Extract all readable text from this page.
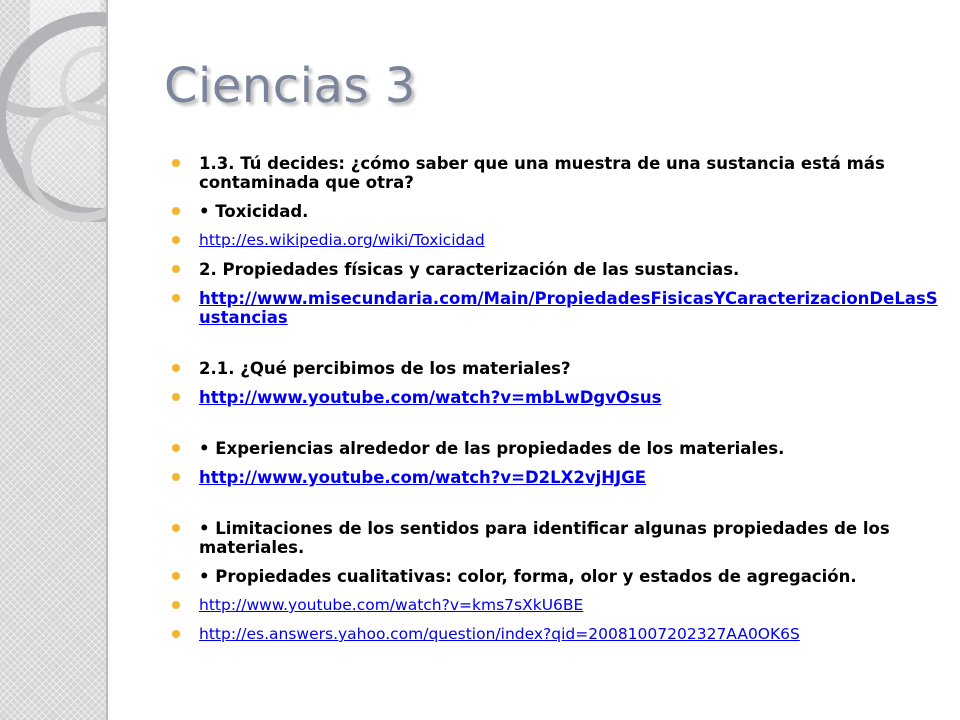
Ciencias 3
1.3. Tú decides: ¿cómo saber que una muestra de una sustancia está más contaminada que otra?
• Toxicidad.
http://es.wikipedia.org/wiki/Toxicidad
2. Propiedades físicas y caracterización de las sustancias.
http://www.misecundaria.com/Main/PropiedadesFisicasYCaracterizacionDeLasSustancias
2.1. ¿Qué percibimos de los materiales?
http://www.youtube.com/watch?v=mbLwDgvOsus
• Experiencias alrededor de las propiedades de los materiales.
http://www.youtube.com/watch?v=D2LX2vjHJGE
• Limitaciones de los sentidos para identificar algunas propiedades de los materiales.
• Propiedades cualitativas: color, forma, olor y estados de agregación.
http://www.youtube.com/watch?v=kms7sXkU6BE
http://es.answers.yahoo.com/question/index?qid=20081007202327AA0OK6S
